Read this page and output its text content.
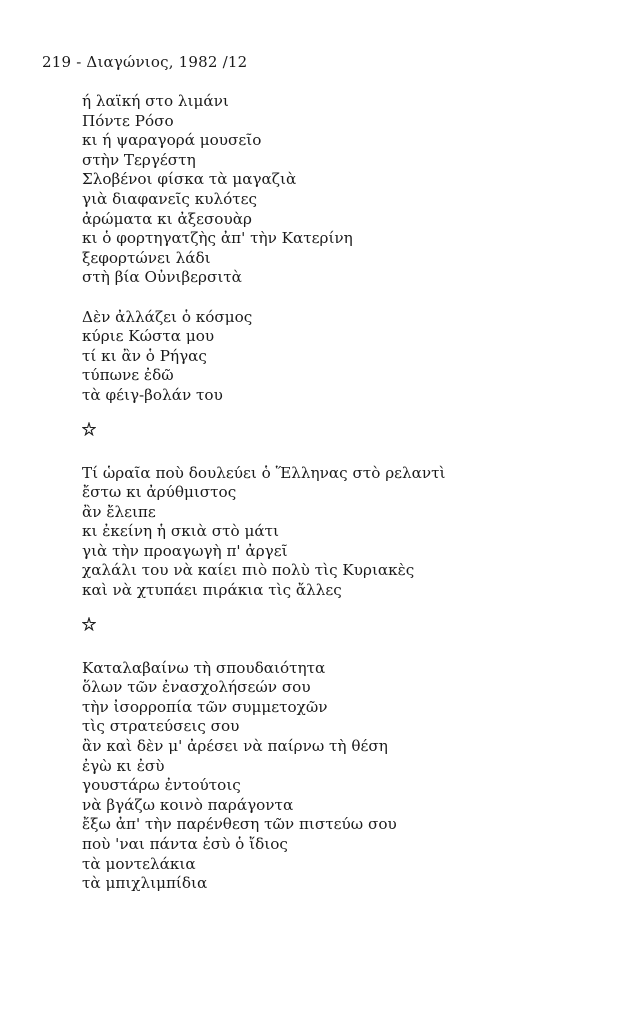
219 - Διαγώνιος, 1982 /12
ή λαϊκή στο λιμάνι
Πόντε Ρόσο
κι ή ψαραγορά μουσεῖο
στὴν Τεργέστη
Σλοβένοι φίσκα τὰ μαγαζιὰ
γιὰ διαφανεῖς κυλότες
ἀρώματα κι ἀξεσουὰρ
κι ὁ φορτηγατζὴς ἀπ' τὴν Κατερίνη
ξεφορτώνει λάδι
στὴ βία Οὐνιβερσιτὰ
Δὲν ἀλλάζει ὁ κόσμος
κύριε Κώστα μου
τί κι ἂν ὁ Ρήγας
τύπωνε ἐδῶ
τὰ φέιγ-βολάν του
Τί ὡραῖα ποὺ δουλεύει ὁ Ἕλληνας στὸ ρελαντὶ
ἔστω κι ἀρύθμιστος
ἂν ἔλειπε
κι ἐκείνη ἡ σκιὰ στὸ μάτι
γιὰ τὴν προαγωγὴ π' ἀργεῖ
χαλάλι του νὰ καίει πιὸ πολὺ τὶς Κυριακὲς
καὶ νὰ χτυπάει πιράκια τὶς ἄλλες
Καταλαβαίνω τὴ σπουδαιότητα
ὅλων τῶν ἐνασχολήσεών σου
τὴν ἰσορροπία τῶν συμμετοχῶν
τὶς στρατεύσεις σου
ἂν καὶ δὲν μ' ἀρέσει νὰ παίρνω τὴ θέση
ἐγὼ κι ἐσὺ
γουστάρω ἐντούτοις
νὰ βγάζω κοινὸ παράγοντα
ἔξω ἀπ' τὴν παρένθεση τῶν πιστεύω σου
ποὺ 'ναι πάντα ἐσὺ ὁ ἴδιος
τὰ μοντελάκια
τὰ μπιχλιμπίδια
